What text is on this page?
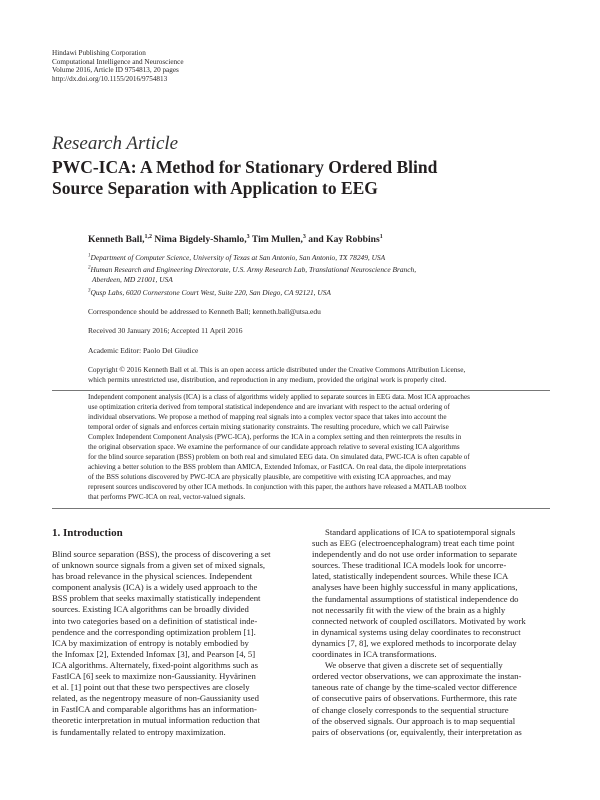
Hindawi Publishing Corporation
Computational Intelligence and Neuroscience
Volume 2016, Article ID 9754813, 20 pages
http://dx.doi.org/10.1155/2016/9754813
Research Article
PWC-ICA: A Method for Stationary Ordered Blind
Source Separation with Application to EEG
Kenneth Ball,$^{1,2}$ Nima Bigdely-Shamlo,$^3$ Tim Mullen,$^3$ and Kay Robbins$^1$
$^1$Department of Computer Science, University of Texas at San Antonio, San Antonio, TX 78249, USA
$^2$Human Research and Engineering Directorate, U.S. Army Research Lab, Translational Neuroscience Branch,
Aberdeen, MD 21001, USA
$^3$Qusp Labs, 6020 Cornerstone Court West, Suite 220, San Diego, CA 92121, USA
Correspondence should be addressed to Kenneth Ball; kenneth.ball@utsa.edu
Received 30 January 2016; Accepted 11 April 2016
Academic Editor: Paolo Del Giudice
Copyright © 2016 Kenneth Ball et al. This is an open access article distributed under the Creative Commons Attribution License,
which permits unrestricted use, distribution, and reproduction in any medium, provided the original work is properly cited.
Independent component analysis (ICA) is a class of algorithms widely applied to separate sources in EEG data. Most ICA approaches
use optimization criteria derived from temporal statistical independence and are invariant with respect to the actual ordering of
individual observations. We propose a method of mapping real signals into a complex vector space that takes into account the
temporal order of signals and enforces certain mixing stationarity constraints. The resulting procedure, which we call Pairwise
Complex Independent Component Analysis (PWC-ICA), performs the ICA in a complex setting and then reinterprets the results in
the original observation space. We examine the performance of our candidate approach relative to several existing ICA algorithms
for the blind source separation (BSS) problem on both real and simulated EEG data. On simulated data, PWC-ICA is often capable of
achieving a better solution to the BSS problem than AMICA, Extended Infomax, or FastICA. On real data, the dipole interpretations
of the BSS solutions discovered by PWC-ICA are physically plausible, are competitive with existing ICA approaches, and may
represent sources undiscovered by other ICA methods. In conjunction with this paper, the authors have released a MATLAB toolbox
that performs PWC-ICA on real, vector-valued signals.
1. Introduction
Blind source separation (BSS), the process of discovering a set
of unknown source signals from a given set of mixed signals,
has broad relevance in the physical sciences. Independent
component analysis (ICA) is a widely used approach to the
BSS problem that seeks maximally statistically independent
sources. Existing ICA algorithms can be broadly divided
into two categories based on a definition of statistical inde-
pendence and the corresponding optimization problem [1].
ICA by maximization of entropy is notably embodied by
the Infomax [2], Extended Infomax [3], and Pearson [4, 5]
ICA algorithms. Alternately, fixed-point algorithms such as
FastICA [6] seek to maximize non-Gaussianity. Hyvärinen
et al. [1] point out that these two perspectives are closely
related, as the negentropy measure of non-Gaussianity used
in FastICA and comparable algorithms has an information-
theoretic interpretation in mutual information reduction that
is fundamentally related to entropy maximization.
Standard applications of ICA to spatiotemporal signals
such as EEG (electroencephalogram) treat each time point
independently and do not use order information to separate
sources. These traditional ICA models look for uncorre-
lated, statistically independent sources. While these ICA
analyses have been highly successful in many applications,
the fundamental assumptions of statistical independence do
not necessarily fit with the view of the brain as a highly
connected network of coupled oscillators. Motivated by work
in dynamical systems using delay coordinates to reconstruct
dynamics [7, 8], we explored methods to incorporate delay
coordinates in ICA transformations.
We observe that given a discrete set of sequentially
ordered vector observations, we can approximate the instan-
taneous rate of change by the time-scaled vector difference
of consecutive pairs of observations. Furthermore, this rate
of change closely corresponds to the sequential structure
of the observed signals. Our approach is to map sequential
pairs of observations (or, equivalently, their interpretation as
